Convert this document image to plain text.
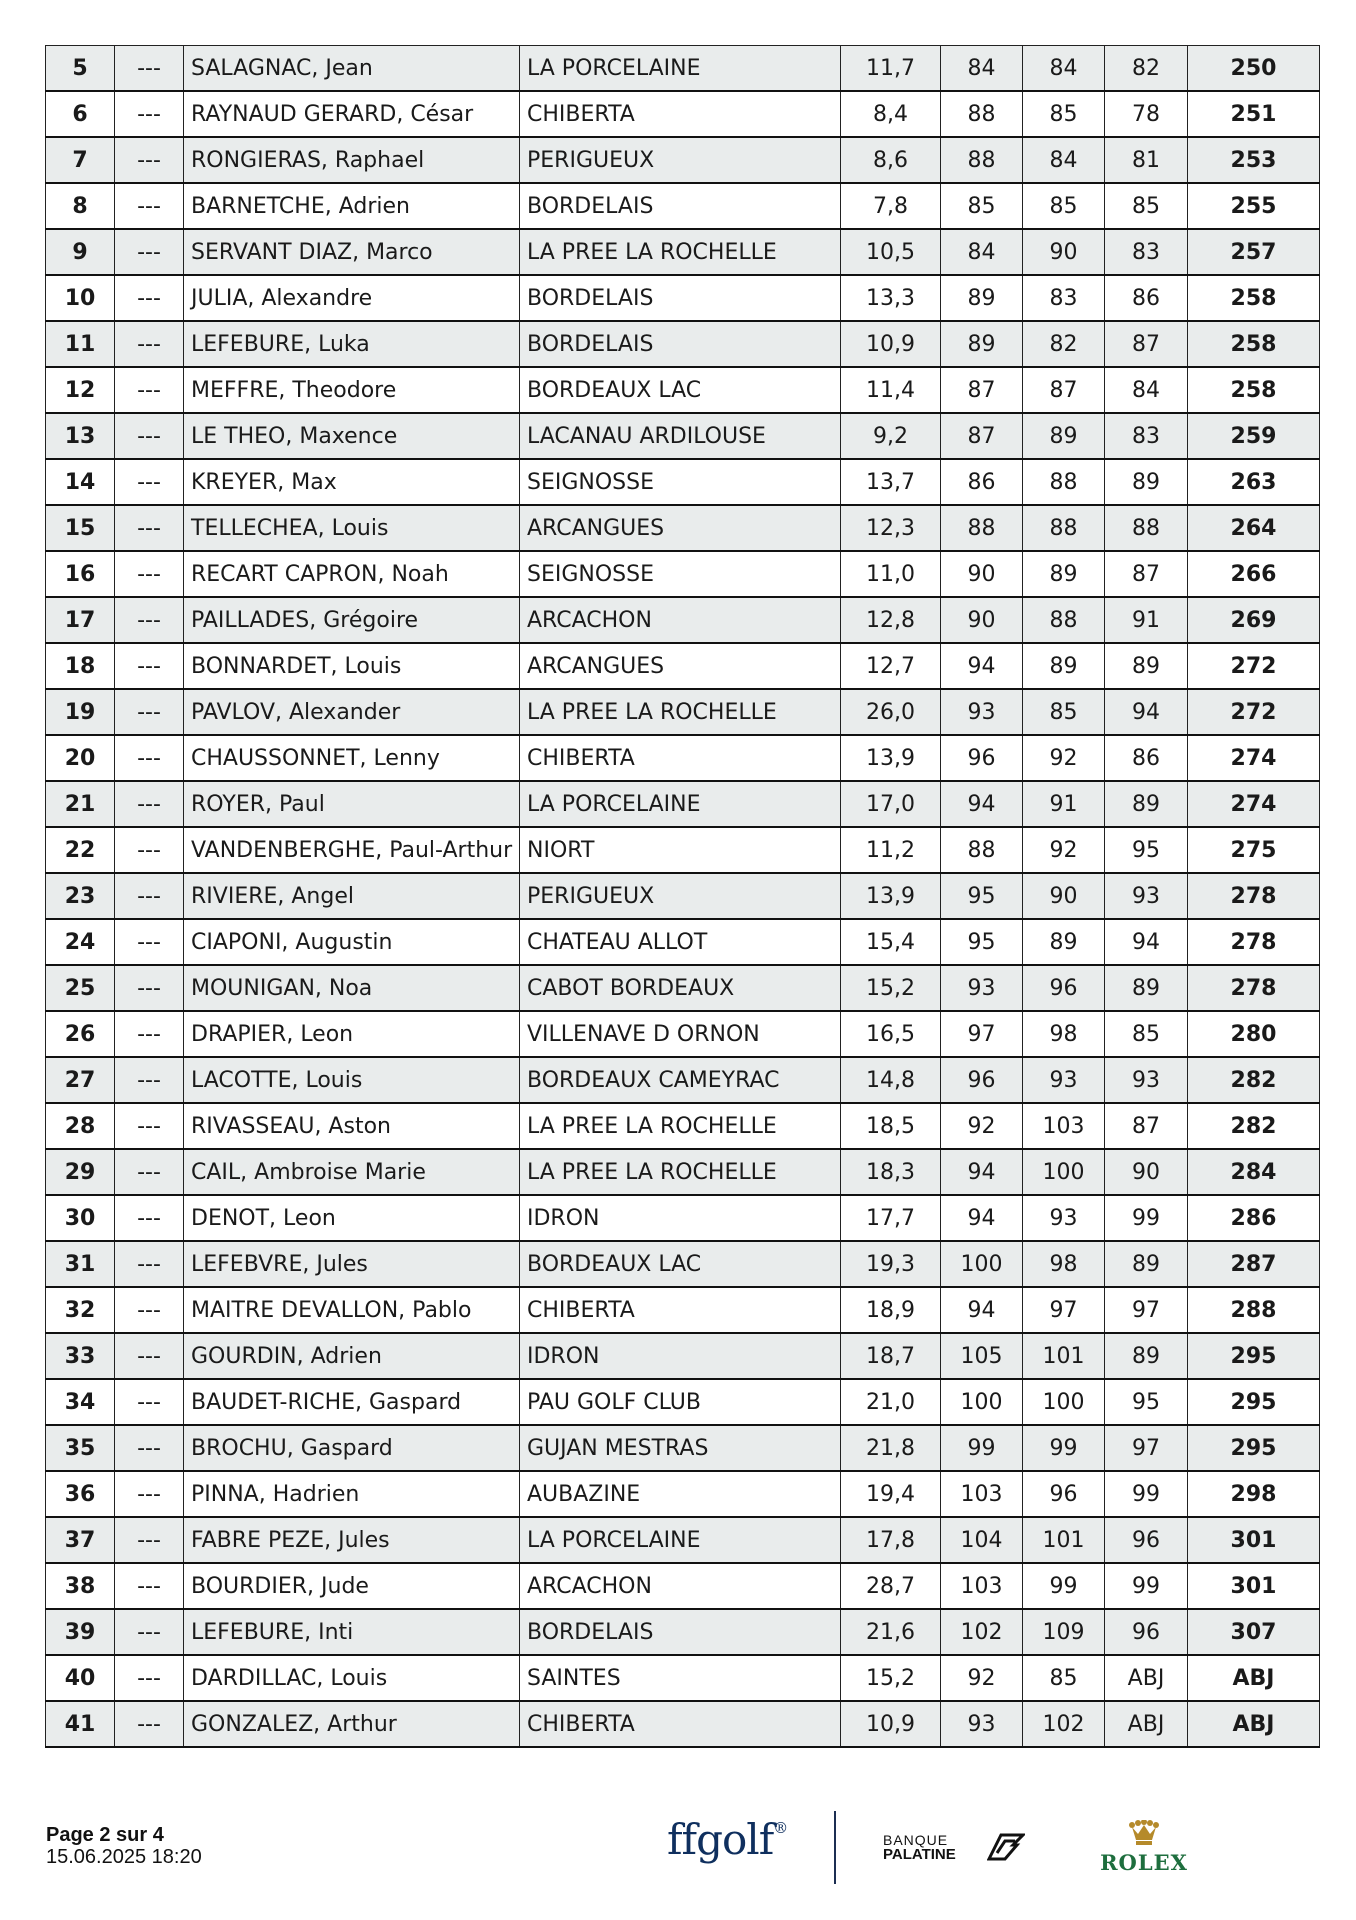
5	---	SALAGNAC, Jean	LA PORCELAINE	11,7	84	84	82	250
6	---	RAYNAUD GERARD, César	CHIBERTA	8,4	88	85	78	251
7	---	RONGIERAS, Raphael	PERIGUEUX	8,6	88	84	81	253
8	---	BARNETCHE, Adrien	BORDELAIS	7,8	85	85	85	255
9	---	SERVANT DIAZ, Marco	LA PREE LA ROCHELLE	10,5	84	90	83	257
10	---	JULIA, Alexandre	BORDELAIS	13,3	89	83	86	258
11	---	LEFEBURE, Luka	BORDELAIS	10,9	89	82	87	258
12	---	MEFFRE, Theodore	BORDEAUX LAC	11,4	87	87	84	258
13	---	LE THEO, Maxence	LACANAU ARDILOUSE	9,2	87	89	83	259
14	---	KREYER, Max	SEIGNOSSE	13,7	86	88	89	263
15	---	TELLECHEA, Louis	ARCANGUES	12,3	88	88	88	264
16	---	RECART CAPRON, Noah	SEIGNOSSE	11,0	90	89	87	266
17	---	PAILLADES, Grégoire	ARCACHON	12,8	90	88	91	269
18	---	BONNARDET, Louis	ARCANGUES	12,7	94	89	89	272
19	---	PAVLOV, Alexander	LA PREE LA ROCHELLE	26,0	93	85	94	272
20	---	CHAUSSONNET, Lenny	CHIBERTA	13,9	96	92	86	274
21	---	ROYER, Paul	LA PORCELAINE	17,0	94	91	89	274
22	---	VANDENBERGHE, Paul-Arthur	NIORT	11,2	88	92	95	275
23	---	RIVIERE, Angel	PERIGUEUX	13,9	95	90	93	278
24	---	CIAPONI, Augustin	CHATEAU ALLOT	15,4	95	89	94	278
25	---	MOUNIGAN, Noa	CABOT BORDEAUX	15,2	93	96	89	278
26	---	DRAPIER, Leon	VILLENAVE D ORNON	16,5	97	98	85	280
27	---	LACOTTE, Louis	BORDEAUX CAMEYRAC	14,8	96	93	93	282
28	---	RIVASSEAU, Aston	LA PREE LA ROCHELLE	18,5	92	103	87	282
29	---	CAIL, Ambroise Marie	LA PREE LA ROCHELLE	18,3	94	100	90	284
30	---	DENOT, Leon	IDRON	17,7	94	93	99	286
31	---	LEFEBVRE, Jules	BORDEAUX LAC	19,3	100	98	89	287
32	---	MAITRE DEVALLON, Pablo	CHIBERTA	18,9	94	97	97	288
33	---	GOURDIN, Adrien	IDRON	18,7	105	101	89	295
34	---	BAUDET-RICHE, Gaspard	PAU GOLF CLUB	21,0	100	100	95	295
35	---	BROCHU, Gaspard	GUJAN MESTRAS	21,8	99	99	97	295
36	---	PINNA, Hadrien	AUBAZINE	19,4	103	96	99	298
37	---	FABRE PEZE, Jules	LA PORCELAINE	17,8	104	101	96	301
38	---	BOURDIER, Jude	ARCACHON	28,7	103	99	99	301
39	---	LEFEBURE, Inti	BORDELAIS	21,6	102	109	96	307
40	---	DARDILLAC, Louis	SAINTES	15,2	92	85	ABJ	ABJ
41	---	GONZALEZ, Arthur	CHIBERTA	10,9	93	102	ABJ	ABJ
Page 2 sur 4
15.06.2025 18:20	ffgolf®
BANQUE
PALATINE	ROLEX
